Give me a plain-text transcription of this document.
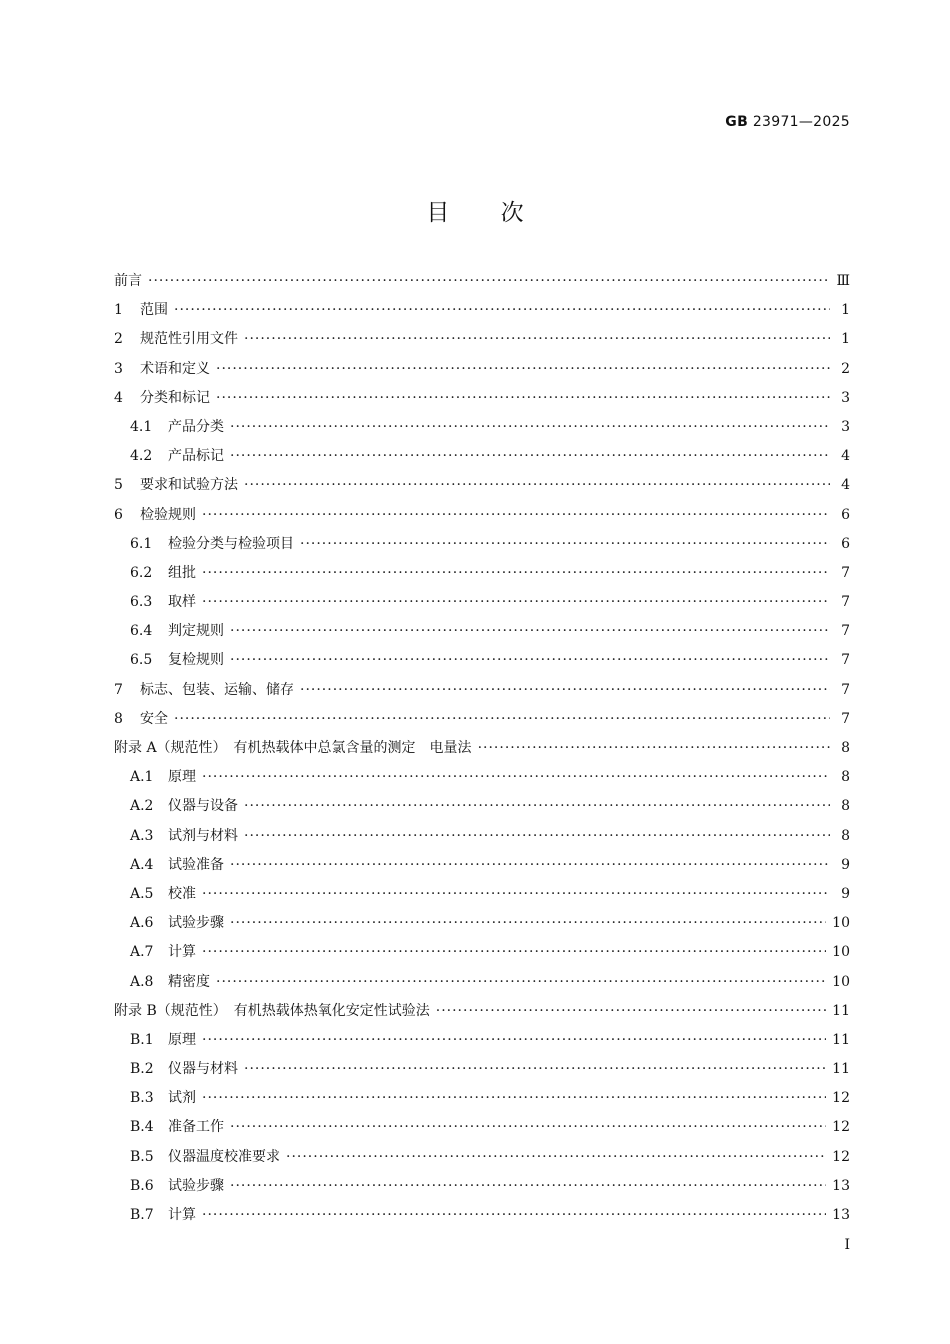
GB 23971—2025
目 次
前言 ·····	Ⅲ
1	范围 ·····	1
2	规范性引用文件 ·····	1
3	术语和定义 ·····	2
4	分类和标记 ·····	3
4.1	产品分类 ·····	3
4.2	产品标记 ·····	4
5	要求和试验方法 ·····	4
6	检验规则 ·····	6
6.1	检验分类与检验项目 ·····	6
6.2	组批 ·····	7
6.3	取样 ·····	7
6.4	判定规则 ·····	7
6.5	复检规则 ·····	7
7	标志、包装、运输、储存 ·····	7
8	安全 ·····	7
附录 A（规范性）　有机热载体中总氯含量的测定　电量法 ·····	8
A.1	原理 ·····	8
A.2	仪器与设备 ·····	8
A.3	试剂与材料 ·····	8
A.4	试验准备 ·····	9
A.5	校准 ·····	9
A.6	试验步骤 ·····	10
A.7	计算 ·····	10
A.8	精密度 ·····	10
附录 B（规范性）　有机热载体热氧化安定性试验法 ·····	11
B.1	原理 ·····	11
B.2	仪器与材料 ·····	11
B.3	试剂 ·····	12
B.4	准备工作 ·····	12
B.5	仪器温度校准要求 ·····	12
B.6	试验步骤 ·····	13
B.7	计算 ·····	13
I
